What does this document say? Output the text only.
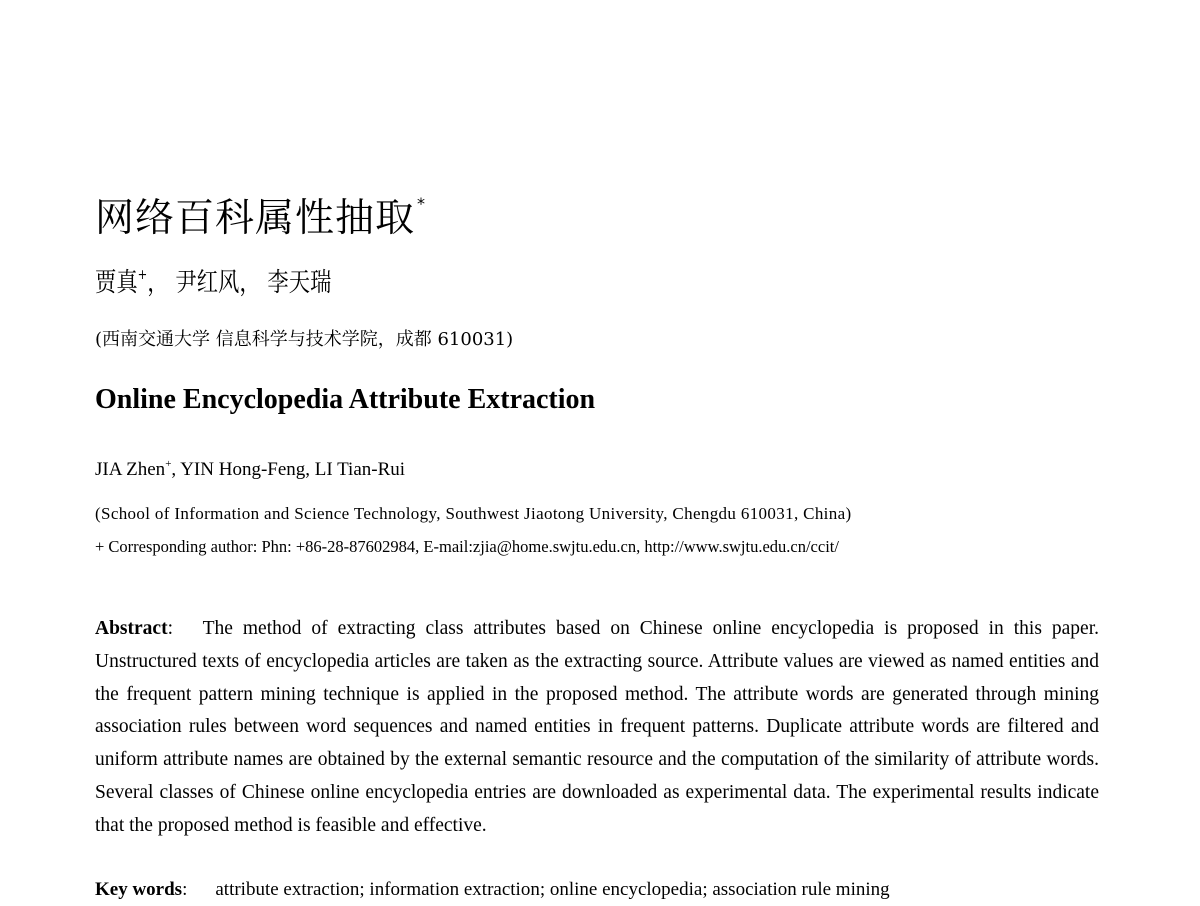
网络百科属性抽取 *
贾真+， 尹红风， 李天瑞
(西南交通大学 信息科学与技术学院，成都 610031)
Online Encyclopedia Attribute Extraction
JIA Zhen+, YIN Hong-Feng, LI Tian-Rui
(School of Information and Science Technology, Southwest Jiaotong University, Chengdu 610031, China)
+ Corresponding author: Phn: +86-28-87602984, E-mail:zjia@home.swjtu.edu.cn, http://www.swjtu.edu.cn/ccit/
Abstract: The method of extracting class attributes based on Chinese online encyclopedia is proposed in this paper. Unstructured texts of encyclopedia articles are taken as the extracting source. Attribute values are viewed as named entities and the frequent pattern mining technique is applied in the proposed method. The attribute words are generated through mining association rules between word sequences and named entities in frequent patterns. Duplicate attribute words are filtered and uniform attribute names are obtained by the external semantic resource and the computation of the similarity of attribute words. Several classes of Chinese online encyclopedia entries are downloaded as experimental data. The experimental results indicate that the proposed method is feasible and effective.
Key words: attribute extraction; information extraction; online encyclopedia; association rule mining
